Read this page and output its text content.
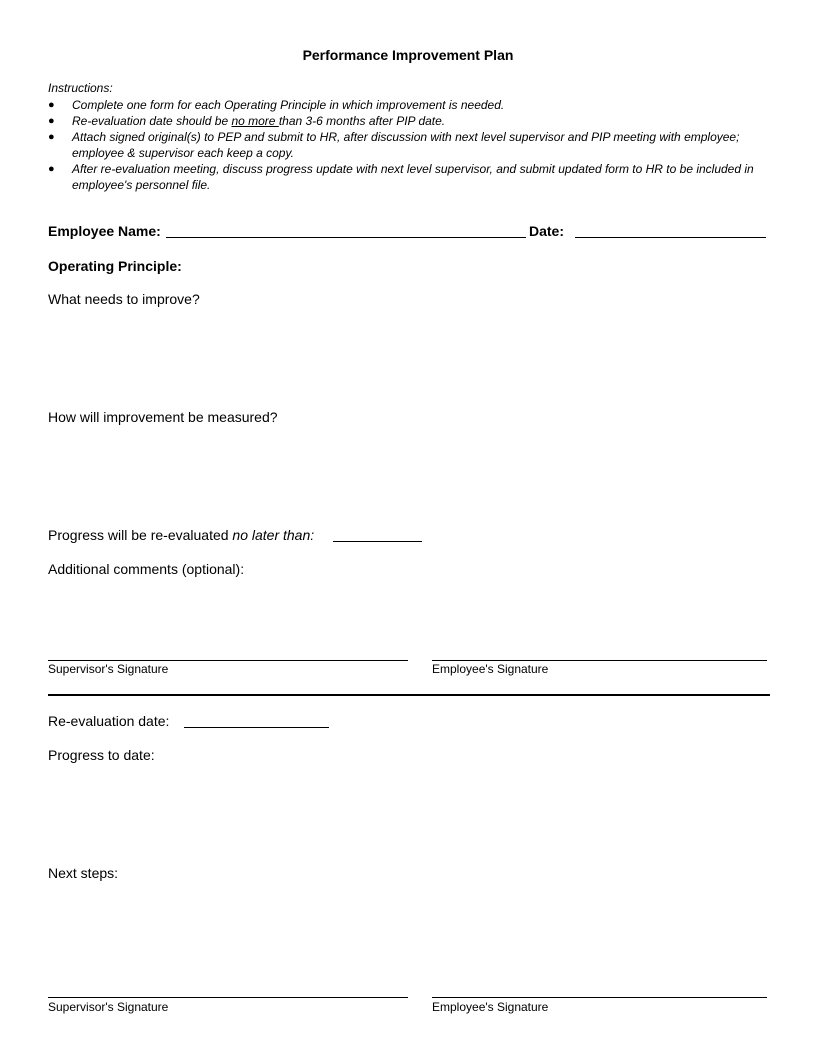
Performance Improvement Plan
Instructions:
● Complete one form for each Operating Principle in which improvement is needed.
● Re-evaluation date should be no more than 3-6 months after PIP date.
● Attach signed original(s) to PEP and submit to HR, after discussion with next level supervisor and PIP meeting with employee; employee & supervisor each keep a copy.
● After re-evaluation meeting, discuss progress update with next level supervisor, and submit updated form to HR to be included in employee's personnel file.
Employee Name:	Date:
Operating Principle:
What needs to improve?
How will improvement be measured?
Progress will be re-evaluated no later than:
Additional comments (optional):
Supervisor's Signature	Employee's Signature
Re-evaluation date:
Progress to date:
Next steps:
Supervisor's Signature	Employee's Signature
